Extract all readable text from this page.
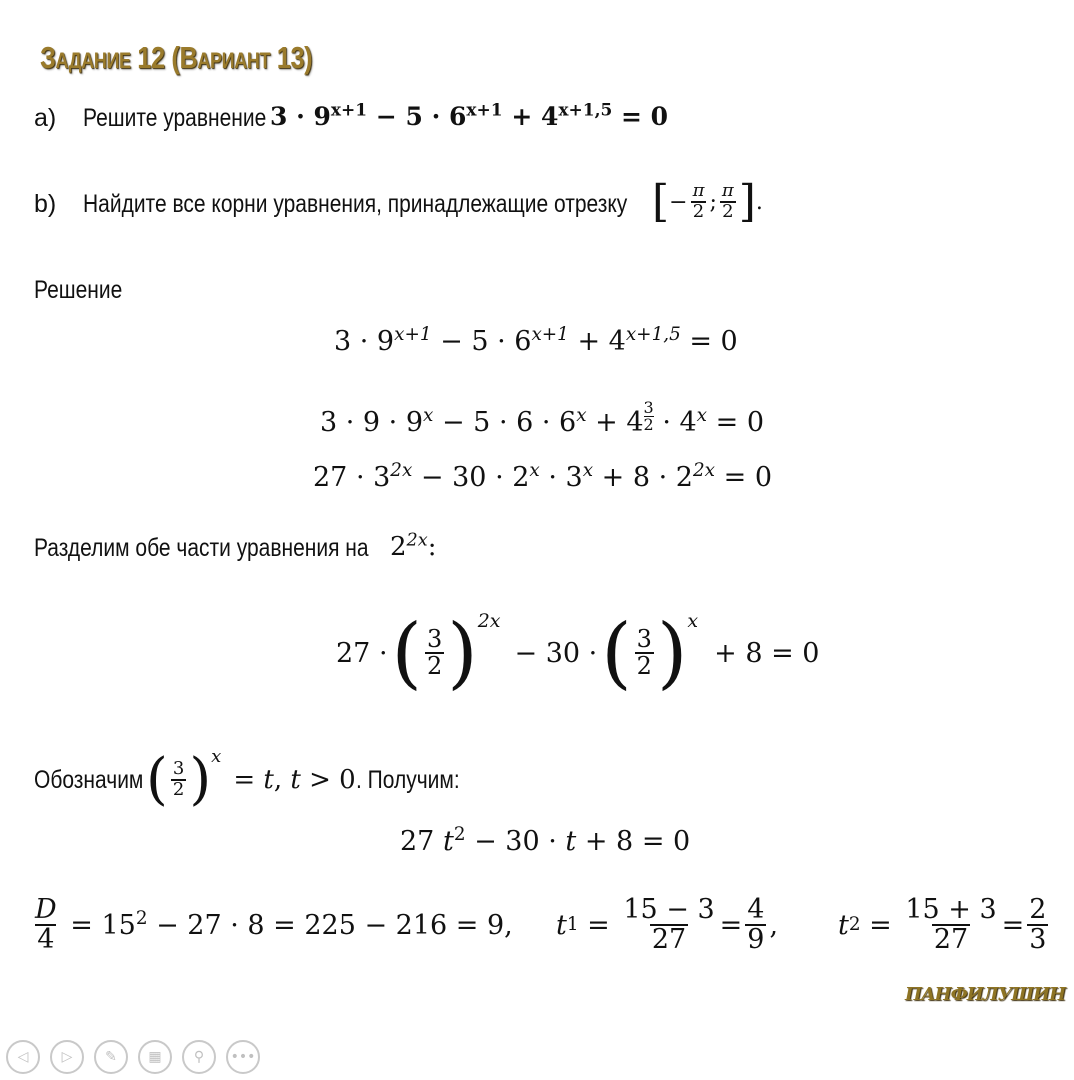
Задание 12 (Вариант 13)
a) Решите уравнение $3 \cdot 9^{x+1} - 5 \cdot 6^{x+1} + 4^{x+1,5} = 0$
b) Найдите все корни уравнения, принадлежащие отрезку [ − $\frac{\pi}{2}$ ; $\frac{\pi}{2}$ ] .
Решение
$3 \cdot 9^{x+1} - 5 \cdot 6^{x+1} + 4^{x+1,5} = 0$
$3 \cdot 9 \cdot 9^x - 5 \cdot 6 \cdot 6^x + 4 \frac{3}{2} \cdot 4^x = 0$
$27 \cdot 3^{2x} - 30 \cdot 2^x \cdot 3^x + 8 \cdot 2^{2x} = 0$
Разделим обе части уравнения на $2^{2x}$:
27 · ( $\frac{3}{2}$ ) 2x
− 30 · ( $\frac{3}{2}$ ) x
+ 8 = 0
Обозначим ( $\frac{3}{2}$ ) x
= t, t > 0 . Получим:
27 $t^2 - 30 \cdot t + 8 = 0$
$\frac{D}{4} = 15^2 - 27 \cdot 8 = 225 - 216 = 9$, t $1 = \frac{15 - 3}{27} = \frac{4}{9}$ , t $2 = \frac{15 + 3}{27} = \frac{2}{3}$
ПАНФИЛУШИН
◁	▷	✎	▦	⚲	•••
